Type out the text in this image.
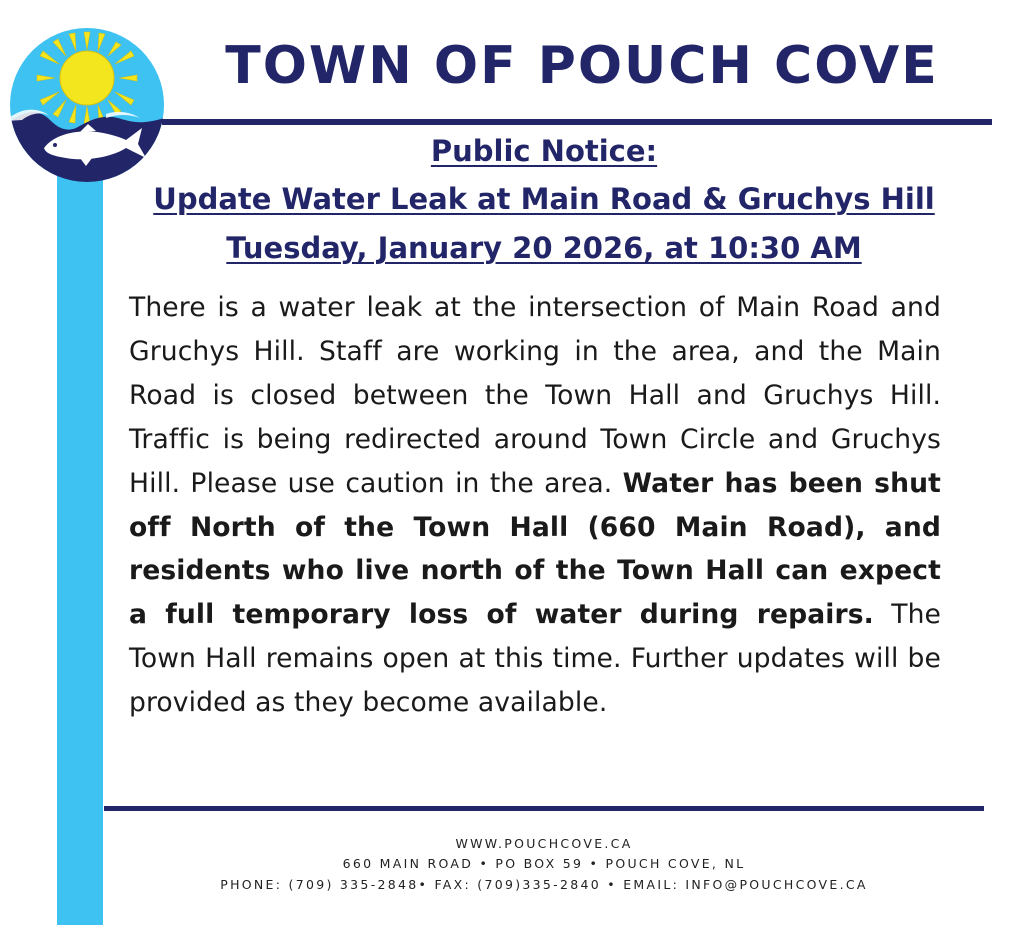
TOWN OF POUCH COVE
Public Notice:
Update Water Leak at Main Road & Gruchys Hill
Tuesday, January 20 2026, at 10:30 AM
There is a water leak at the intersection of Main Road and Gruchys Hill. Staff are working in the area, and the Main Road is closed between the Town Hall and Gruchys Hill. Traffic is being redirected around Town Circle and Gruchys Hill. Please use caution in the area. Water has been shut off North of the Town Hall (660 Main Road), and residents who live north of the Town Hall can expect a full temporary loss of water during repairs. The Town Hall remains open at this time. Further updates will be provided as they become available.
WWW.POUCHCOVE.CA
660 MAIN ROAD • PO BOX 59 • POUCH COVE, NL
PHONE: (709) 335-2848• FAX: (709)335-2840 • EMAIL: INFO@POUCHCOVE.CA
